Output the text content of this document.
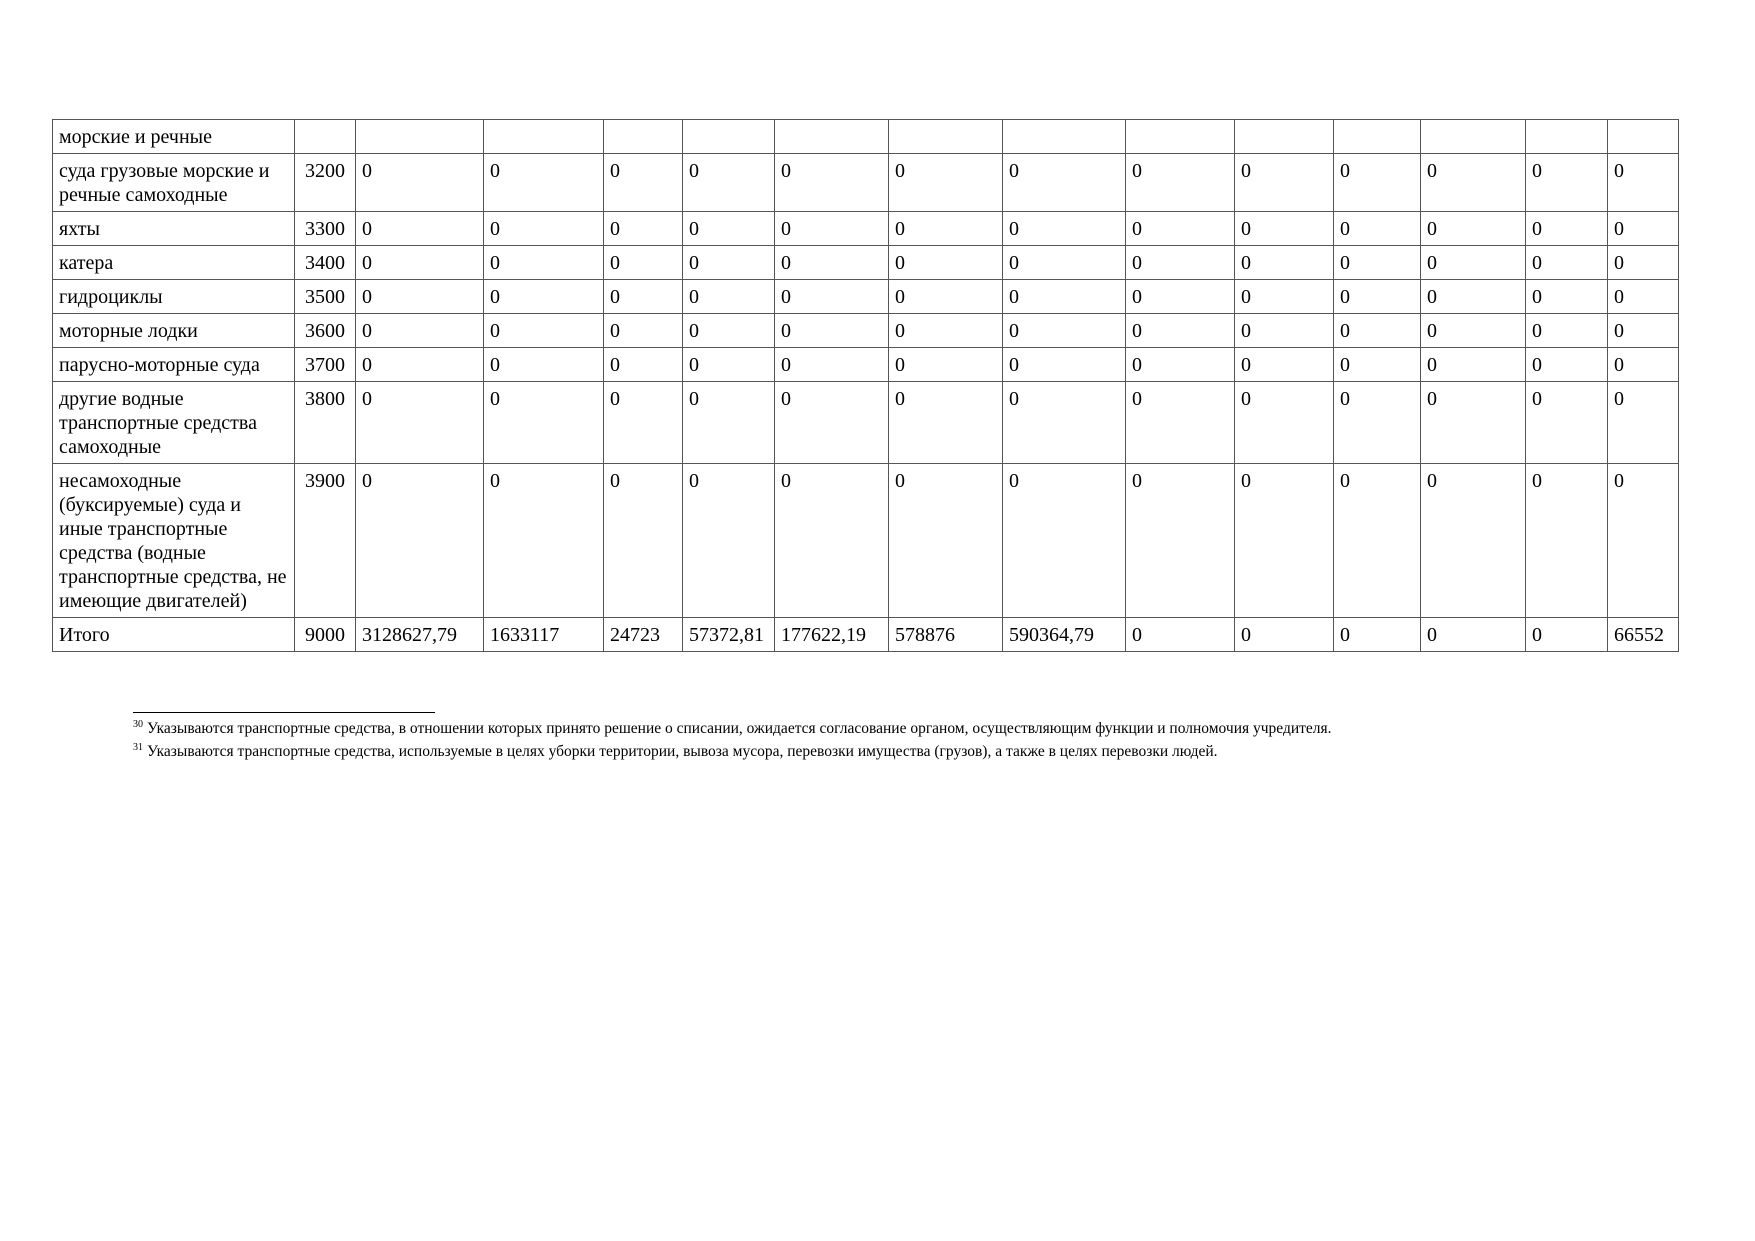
морские и речные														
суда грузовые морские и речные самоходные	3200	0	0	0	0	0	0	0	0	0	0	0	0	0
яхты	3300	0	0	0	0	0	0	0	0	0	0	0	0	0
катера	3400	0	0	0	0	0	0	0	0	0	0	0	0	0
гидроциклы	3500	0	0	0	0	0	0	0	0	0	0	0	0	0
моторные лодки	3600	0	0	0	0	0	0	0	0	0	0	0	0	0
парусно-моторные суда	3700	0	0	0	0	0	0	0	0	0	0	0	0	0
другие водные транспортные средства самоходные	3800	0	0	0	0	0	0	0	0	0	0	0	0	0
несамоходные (буксируемые) суда и иные транспортные средства (водные транспортные средства, не имеющие двигателей)	3900	0	0	0	0	0	0	0	0	0	0	0	0	0
Итого	9000	3128627,79	1633117	24723	57372,81	177622,19	578876	590364,79	0	0	0	0	0	66552
$^{30}$ Указываются транспортные средства, в отношении которых принято решение о списании, ожидается согласование органом, осуществляющим функции и полномочия учредителя.
$^{31}$ Указываются транспортные средства, используемые в целях уборки территории, вывоза мусора, перевозки имущества (грузов), а также в целях перевозки людей.
